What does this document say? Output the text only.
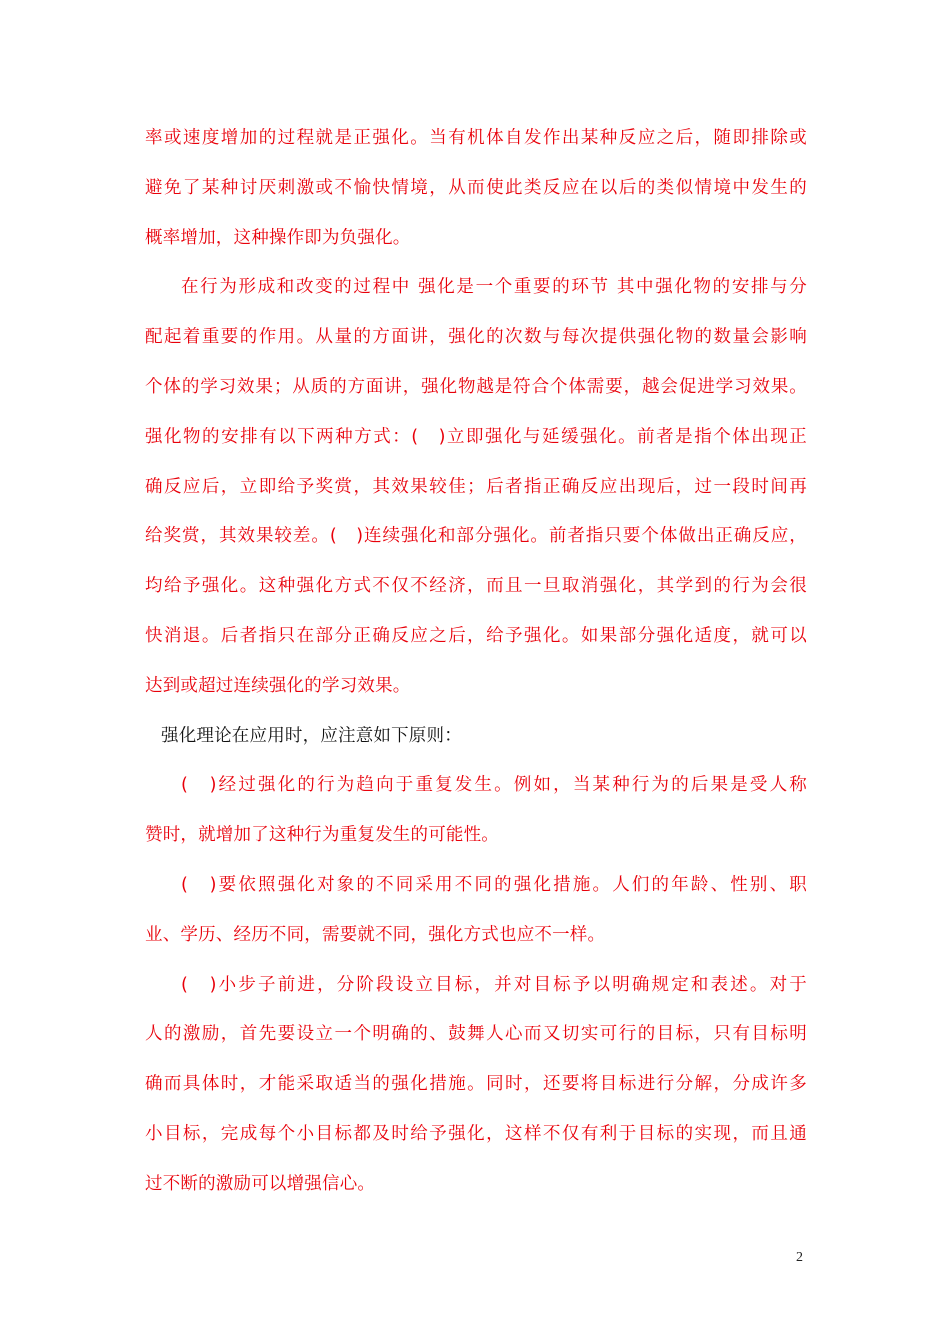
率或速度增加的过程就是正强化。当有机体自发作出某种反应之后，随即排除或
避免了某种讨厌刺激或不愉快情境，从而使此类反应在以后的类似情境中发生的
概率增加，这种操作即为负强化。
在行为形成和改变的过程中 强化是一个重要的环节 其中强化物的安排与分
配起着重要的作用。从量的方面讲，强化的次数与每次提供强化物的数量会影响
个体的学习效果；从质的方面讲，强化物越是符合个体需要，越会促进学习效果。
强化物的安排有以下两种方式：(　)立即强化与延缓强化。前者是指个体出现正
确反应后，立即给予奖赏，其效果较佳；后者指正确反应出现后，过一段时间再
给奖赏，其效果较差。(　)连续强化和部分强化。前者指只要个体做出正确反应，
均给予强化。这种强化方式不仅不经济，而且一旦取消强化，其学到的行为会很
快消退。后者指只在部分正确反应之后，给予强化。如果部分强化适度，就可以
达到或超过连续强化的学习效果。
强化理论在应用时，应注意如下原则：
(　)经过强化的行为趋向于重复发生。例如，当某种行为的后果是受人称
赞时，就增加了这种行为重复发生的可能性。
(　)要依照强化对象的不同采用不同的强化措施。人们的年龄、性别、职
业、学历、经历不同，需要就不同，强化方式也应不一样。
(　)小步子前进，分阶段设立目标，并对目标予以明确规定和表述。对于
人的激励，首先要设立一个明确的、鼓舞人心而又切实可行的目标，只有目标明
确而具体时，才能采取适当的强化措施。同时，还要将目标进行分解，分成许多
小目标，完成每个小目标都及时给予强化，这样不仅有利于目标的实现，而且通
过不断的激励可以增强信心。
2
